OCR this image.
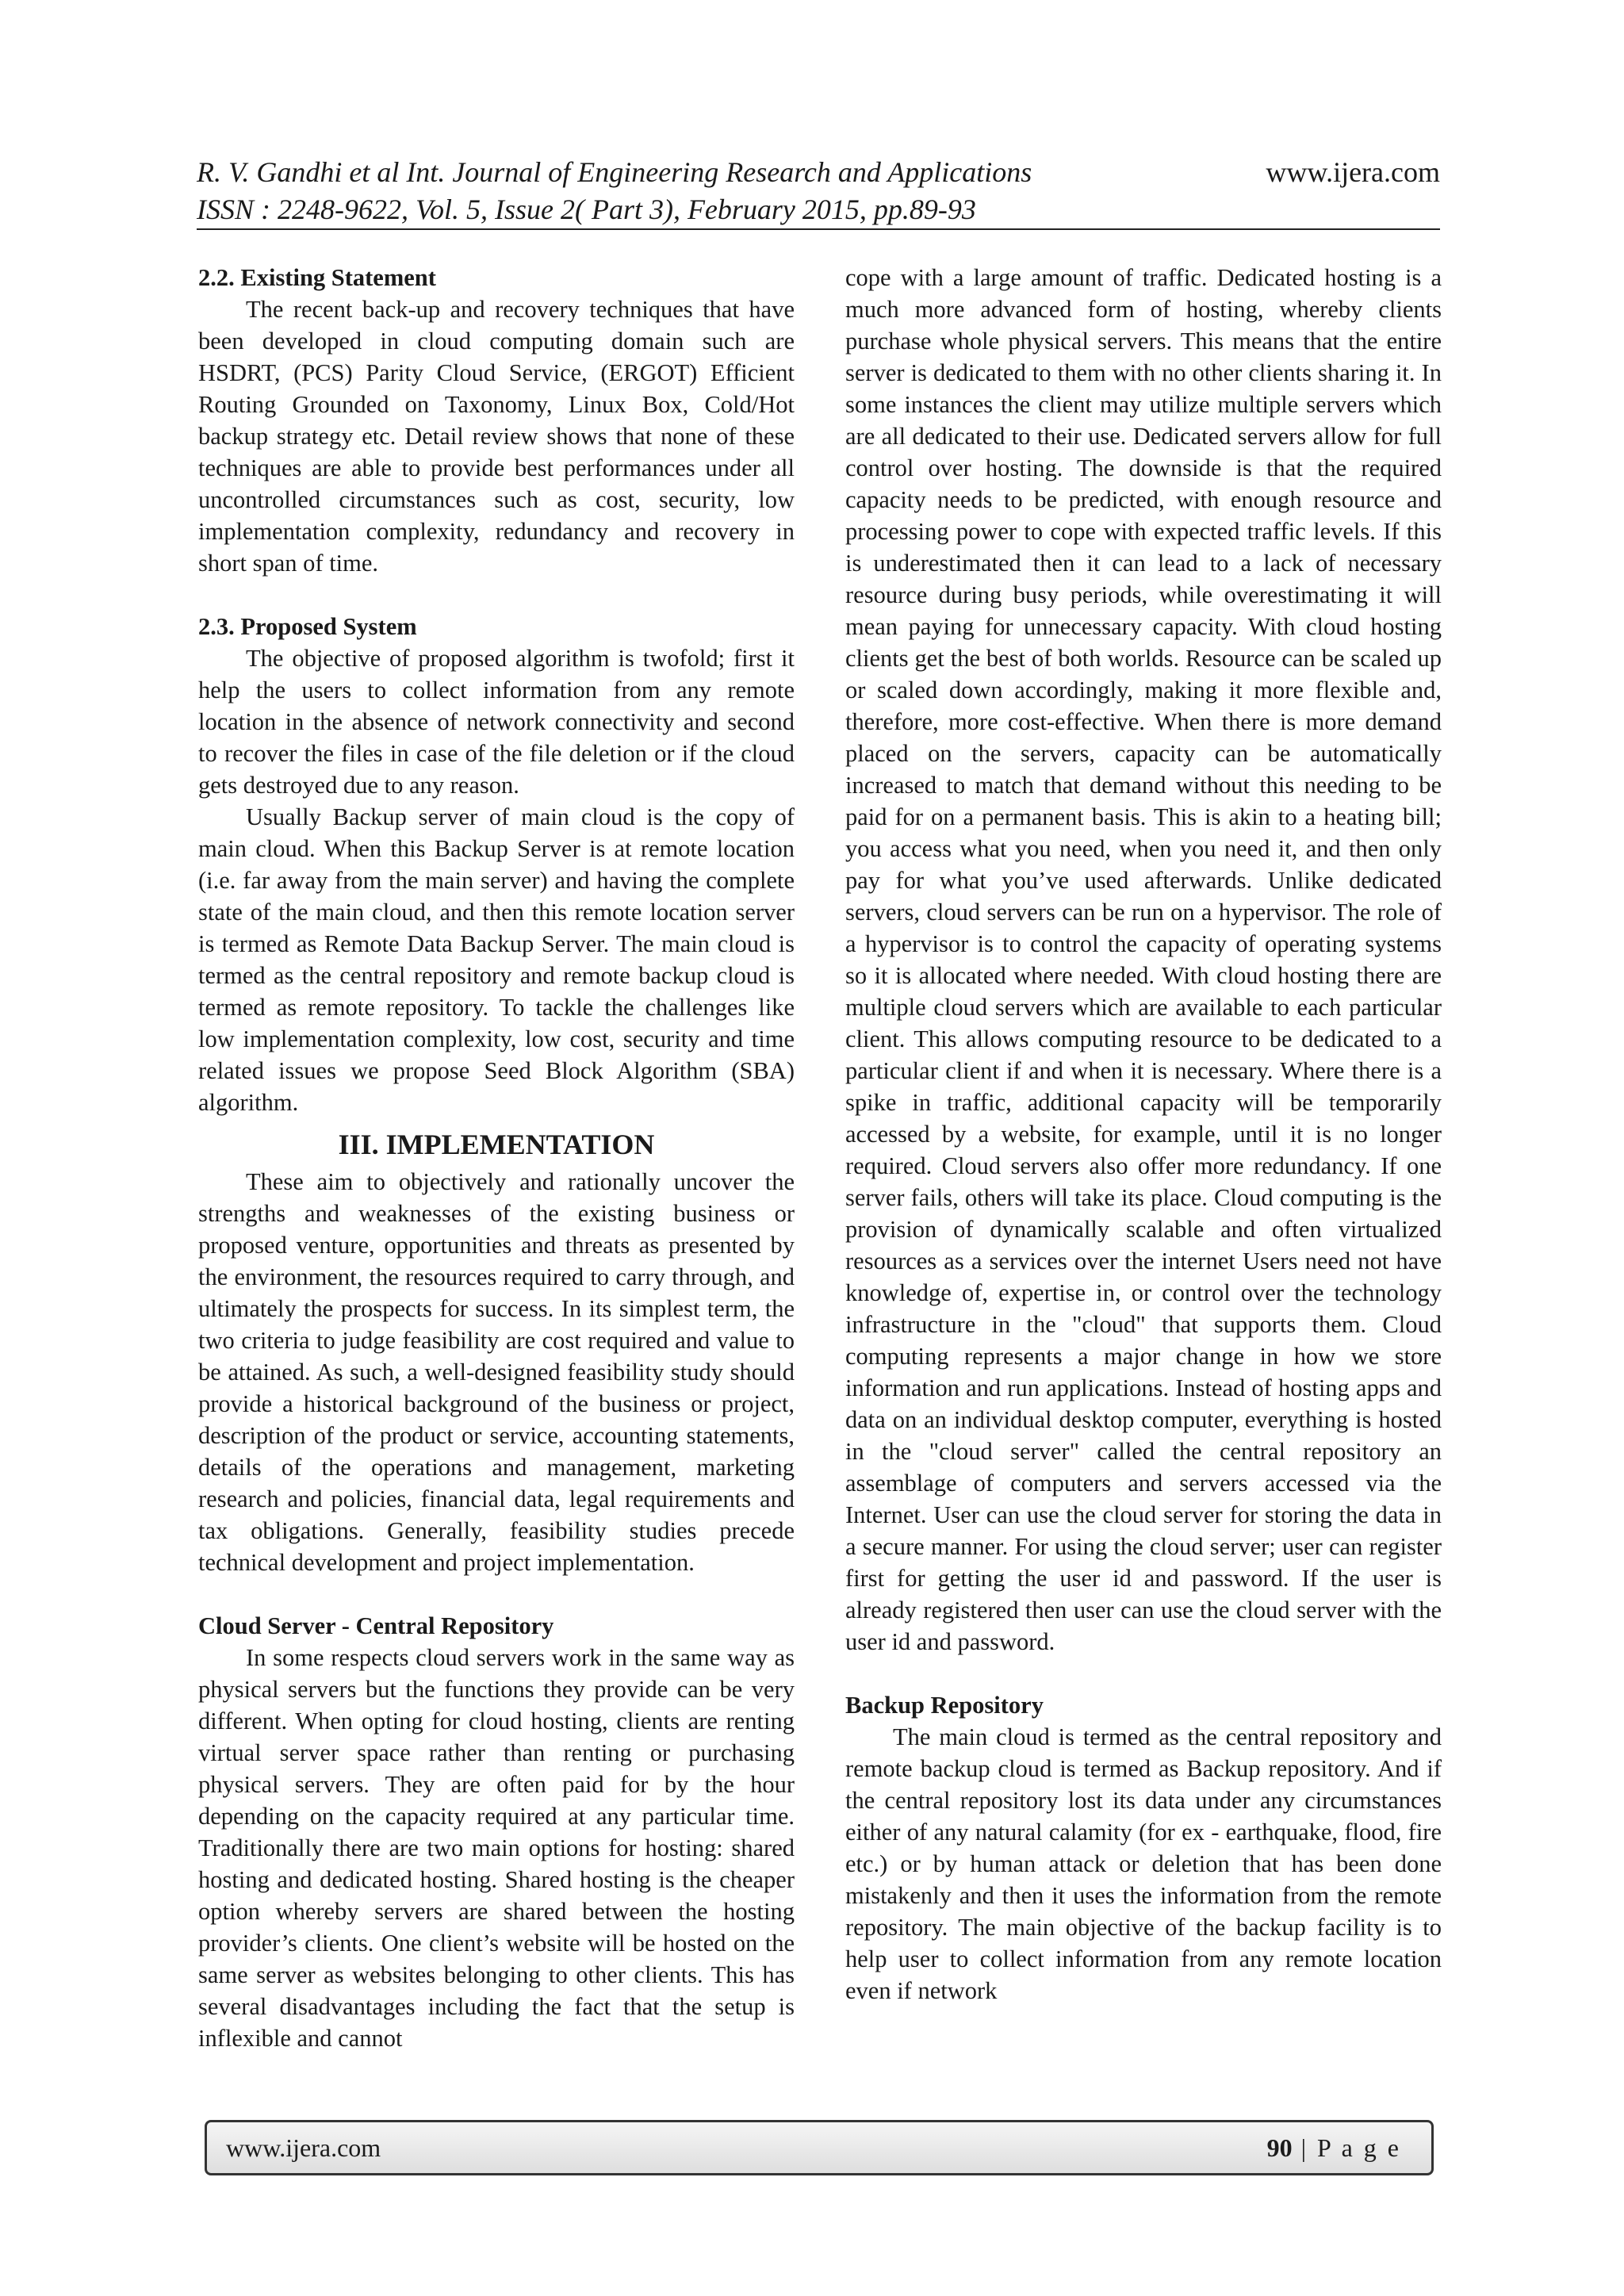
R. V. Gandhi et al Int. Journal of Engineering Research and Applications	www.ijera.com
ISSN : 2248-9622, Vol. 5, Issue 2( Part 3), February 2015, pp.89-93

2.2. Existing Statement

The recent back-up and recovery techniques that have been developed in cloud computing domain such are HSDRT, (PCS) Parity Cloud Service, (ERGOT) Efficient Routing Grounded on Taxonomy, Linux Box, Cold/Hot backup strategy etc. Detail review shows that none of these techniques are able to provide best performances under all uncontrolled circumstances such as cost, security, low implementation complexity, redundancy and recovery in short span of time.

2.3. Proposed System

The objective of proposed algorithm is twofold; first it help the users to collect information from any remote location in the absence of network connectivity and second to recover the files in case of the file deletion or if the cloud gets destroyed due to any reason.

Usually Backup server of main cloud is the copy of main cloud. When this Backup Server is at remote location (i.e. far away from the main server) and having the complete state of the main cloud, and then this remote location server is termed as Remote Data Backup Server. The main cloud is termed as the central repository and remote backup cloud is termed as remote repository. To tackle the challenges like low implementation complexity, low cost, security and time related issues we propose Seed Block Algorithm (SBA) algorithm.

III. IMPLEMENTATION

These aim to objectively and rationally uncover the strengths and weaknesses of the existing business or proposed venture, opportunities and threats as presented by the environment, the resources required to carry through, and ultimately the prospects for success. In its simplest term, the two criteria to judge feasibility are cost required and value to be attained. As such, a well-designed feasibility study should provide a historical background of the business or project, description of the product or service, accounting statements, details of the operations and management, marketing research and policies, financial data, legal requirements and tax obligations. Generally, feasibility studies precede technical development and project implementation.

Cloud Server - Central Repository

In some respects cloud servers work in the same way as physical servers but the functions they provide can be very different. When opting for cloud hosting, clients are renting virtual server space rather than renting or purchasing physical servers. They are often paid for by the hour depending on the capacity required at any particular time. Traditionally there are two main options for hosting: shared hosting and dedicated hosting. Shared hosting is the cheaper option whereby servers are shared between the hosting provider’s clients. One client’s website will be hosted on the same server as websites belonging to other clients. This has several disadvantages including the fact that the setup is inflexible and cannot

cope with a large amount of traffic. Dedicated hosting is a much more advanced form of hosting, whereby clients purchase whole physical servers. This means that the entire server is dedicated to them with no other clients sharing it. In some instances the client may utilize multiple servers which are all dedicated to their use. Dedicated servers allow for full control over hosting. The downside is that the required capacity needs to be predicted, with enough resource and processing power to cope with expected traffic levels. If this is underestimated then it can lead to a lack of necessary resource during busy periods, while overestimating it will mean paying for unnecessary capacity. With cloud hosting clients get the best of both worlds. Resource can be scaled up or scaled down accordingly, making it more flexible and, therefore, more cost-effective. When there is more demand placed on the servers, capacity can be automatically increased to match that demand without this needing to be paid for on a permanent basis. This is akin to a heating bill; you access what you need, when you need it, and then only pay for what you’ve used afterwards. Unlike dedicated servers, cloud servers can be run on a hypervisor. The role of a hypervisor is to control the capacity of operating systems so it is allocated where needed. With cloud hosting there are multiple cloud servers which are available to each particular client. This allows computing resource to be dedicated to a particular client if and when it is necessary. Where there is a spike in traffic, additional capacity will be temporarily accessed by a website, for example, until it is no longer required. Cloud servers also offer more redundancy. If one server fails, others will take its place. Cloud computing is the provision of dynamically scalable and often virtualized resources as a services over the internet Users need not have knowledge of, expertise in, or control over the technology infrastructure in the "cloud" that supports them. Cloud computing represents a major change in how we store information and run applications. Instead of hosting apps and data on an individual desktop computer, everything is hosted in the "cloud server" called the central repository an assemblage of computers and servers accessed via the Internet. User can use the cloud server for storing the data in a secure manner. For using the cloud server; user can register first for getting the user id and password. If the user is already registered then user can use the cloud server with the user id and password.

Backup Repository

The main cloud is termed as the central repository and remote backup cloud is termed as Backup repository. And if the central repository lost its data under any circumstances either of any natural calamity (for ex - earthquake, flood, fire etc.) or by human attack or deletion that has been done mistakenly and then it uses the information from the remote repository. The main objective of the backup facility is to help user to collect information from any remote location even if network

www.ijera.com	90 | P a g e
